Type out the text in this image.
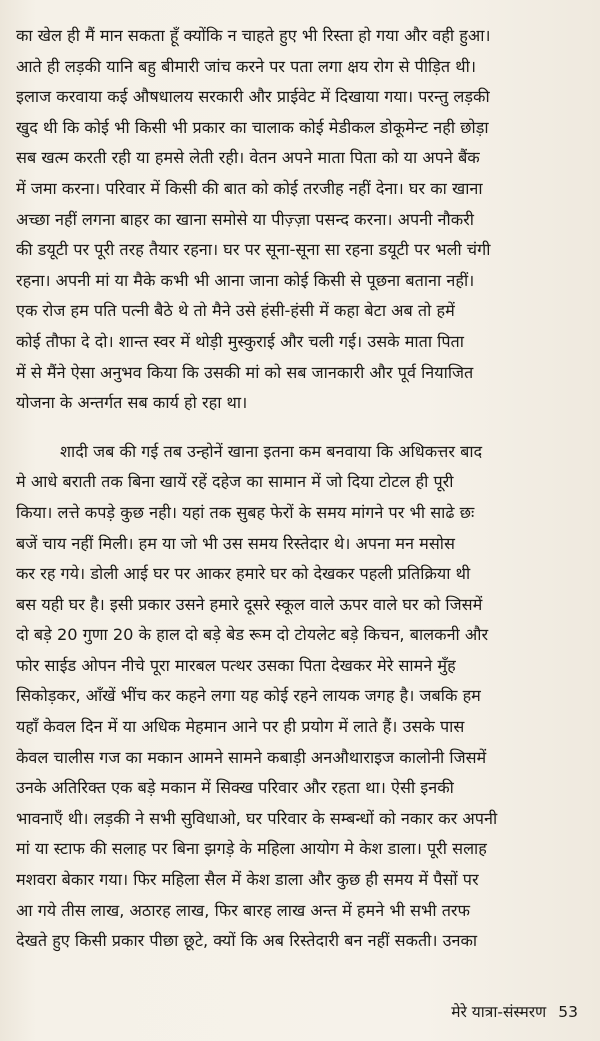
का खेल ही मैं मान सकता हूँ क्योंकि न चाहते हुए भी रिस्ता हो गया और वही हुआ।
आते ही लड़की यानि बहु बीमारी जांच करने पर पता लगा क्षय रोग से पीड़ित थी।
इलाज करवाया कई औषधालय सरकारी और प्राईवेट में दिखाया गया। परन्तु लड़की
खुद थी कि कोई भी किसी भी प्रकार का चालाक कोई मेडीकल डोकूमेन्ट नही छोड़ा
सब खत्म करती रही या हमसे लेती रही। वेतन अपने माता पिता को या अपने बैंक
में जमा करना। परिवार में किसी की बात को कोई तरजीह नहीं देना। घर का खाना
अच्छा नहीं लगना बाहर का खाना समोसे या पीज़्ज़ा पसन्द करना। अपनी नौकरी
की डयूटी पर पूरी तरह तैयार रहना। घर पर सूना-सूना सा रहना डयूटी पर भली चंगी
रहना। अपनी मां या मैके कभी भी आना जाना कोई किसी से पूछना बताना नहीं।
एक रोज हम पति पत्नी बैठे थे तो मैने उसे हंसी-हंसी में कहा बेटा अब तो हमें
कोई तौफा दे दो। शान्त स्वर में थोड़ी मुस्कुराई और चली गई। उसके माता पिता
में से मैंने ऐसा अनुभव किया कि उसकी मां को सब जानकारी और पूर्व नियाजित
योजना के अन्तर्गत सब कार्य हो रहा था।
शादी जब की गई तब उन्होनें खाना इतना कम बनवाया कि अधिकत्तर बाद
मे आधे बराती तक बिना खायें रहें दहेज का सामान में जो दिया टोटल ही पूरी
किया। लत्ते कपड़े कुछ नही। यहां तक सुबह फेरों के समय मांगने पर भी साढे छः
बजें चाय नहीं मिली। हम या जो भी उस समय रिस्तेदार थे। अपना मन मसोस
कर रह गये। डोली आई घर पर आकर हमारे घर को देखकर पहली प्रतिक्रिया थी
बस यही घर है। इसी प्रकार उसने हमारे दूसरे स्कूल वाले ऊपर वाले घर को जिसमें
दो बड़े 20 गुणा 20 के हाल दो बड़े बेड रूम दो टोयलेट बड़े किचन, बालकनी और
फोर साईड ओपन नीचे पूरा मारबल पत्थर उसका पिता देखकर मेरे सामने मुँह
सिकोड़कर, आँखें भींच कर कहने लगा यह कोई रहने लायक जगह है। जबकि हम
यहाँ केवल दिन में या अधिक मेहमान आने पर ही प्रयोग में लाते हैं। उसके पास
केवल चालीस गज का मकान आमने सामने कबाड़ी अनऔथाराइज कालोनी जिसमें
उनके अतिरिक्त एक बड़े मकान में सिक्ख परिवार और रहता था। ऐसी इनकी
भावनाएँ थी। लड़की ने सभी सुविधाओ, घर परिवार के सम्बन्धों को नकार कर अपनी
मां या स्टाफ की सलाह पर बिना झगड़े के महिला आयोग मे केश डाला। पूरी सलाह
मशवरा बेकार गया। फिर महिला सैल में केश डाला और कुछ ही समय में पैसों पर
आ गये तीस लाख, अठारह लाख, फिर बारह लाख अन्त में हमने भी सभी तरफ
देखते हुए किसी प्रकार पीछा छूटे, क्यों कि अब रिस्तेदारी बन नहीं सकती। उनका
मेरे यात्रा-संस्मरण 53
